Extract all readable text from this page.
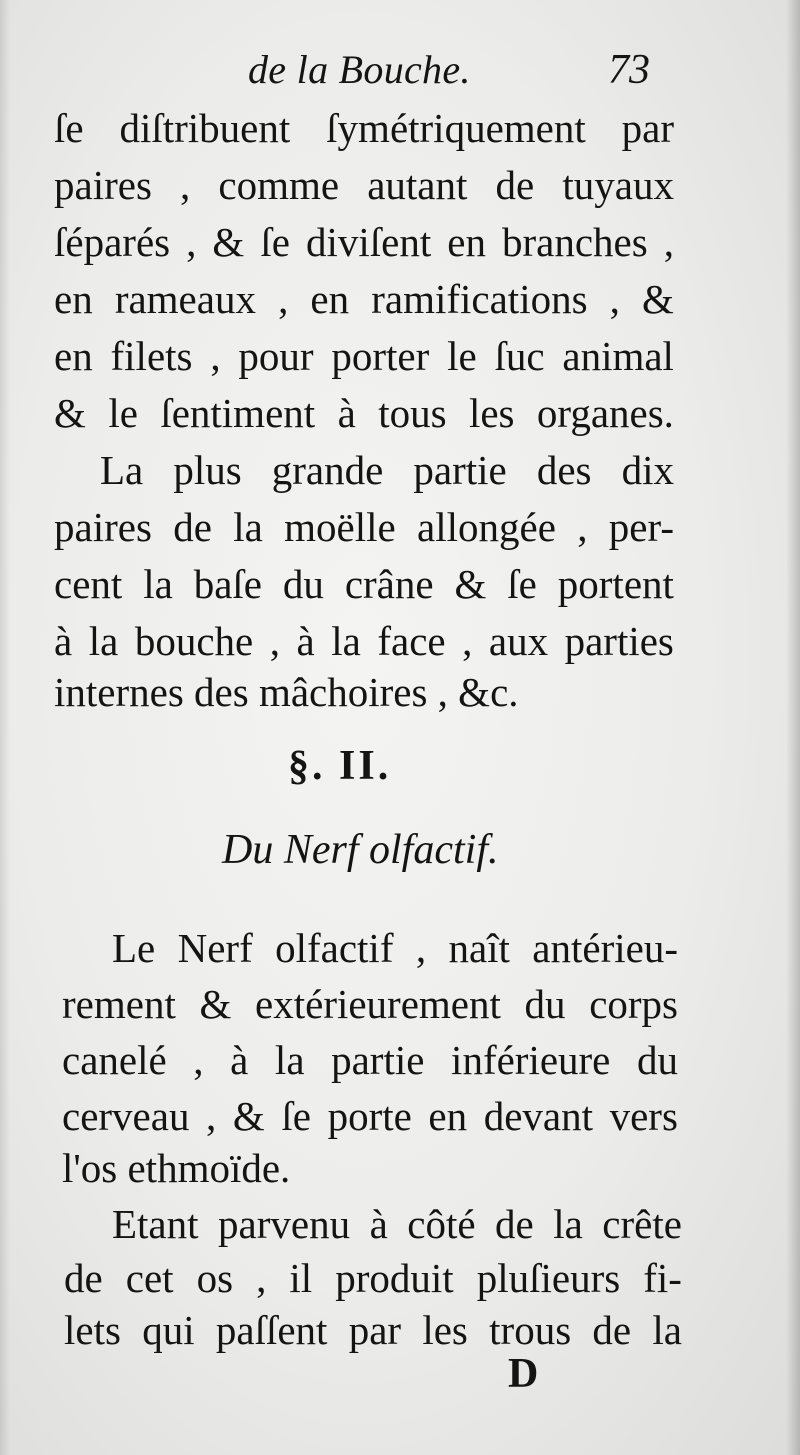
de la Bouche.	73
ſe diſtribuent ſymétriquement par
paires , comme autant de tuyaux
ſéparés , & ſe diviſent en branches ,
en rameaux , en ramifications , &
en filets , pour porter le ſuc animal
& le ſentiment à tous les organes.
La plus grande partie des dix
paires de la moëlle allongée , per-
cent la baſe du crâne & ſe portent
à la bouche , à la face , aux parties
internes des mâchoires , &c.
§. II.
Du Nerf olfactif.
Le Nerf olfactif , naît antérieu-
rement & extérieurement du corps
canelé , à la partie inférieure du
cerveau , & ſe porte en devant vers
l'os ethmoïde.
Etant parvenu à côté de la crête
de cet os , il produit pluſieurs fi-
lets qui paſſent par les trous de la
D
